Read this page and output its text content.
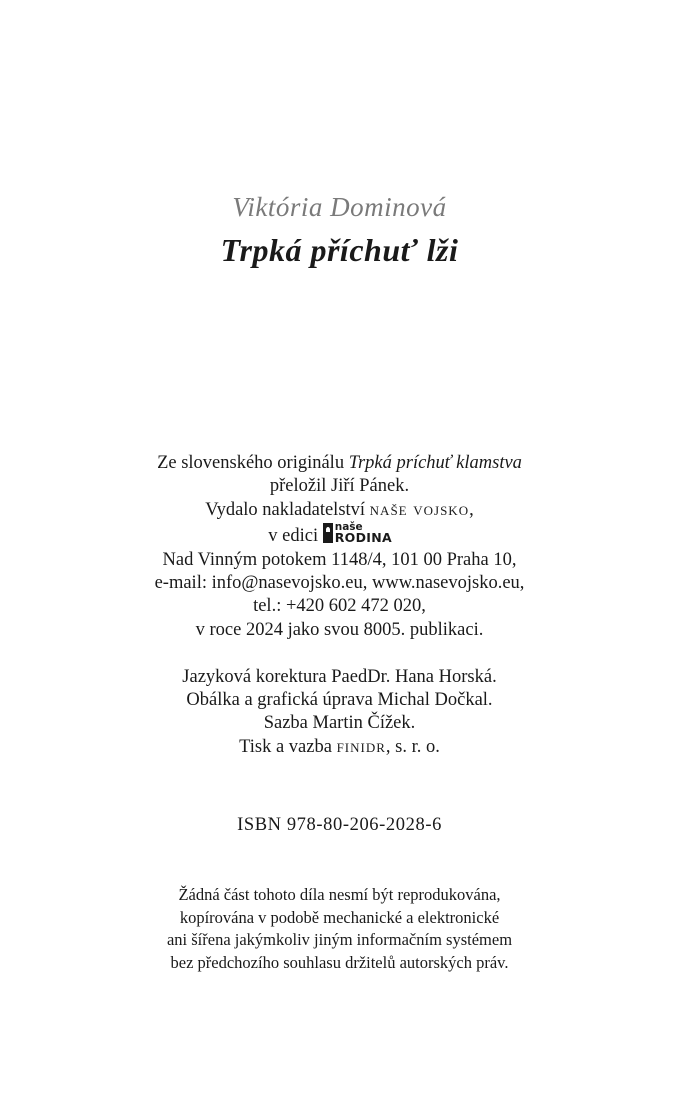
Viktória Dominová
Trpká příchuť lži
Ze slovenského originálu Trpká príchuť klamstva
přeložil Jiří Pánek.
Vydalo nakladatelství naše vojsko,
v edici naše
RODINA
Nad Vinným potokem 1148/4, 101 00 Praha 10,
e-mail: info@nasevojsko.eu, www.nasevojsko.eu,
tel.: +420 602 472 020,
v roce 2024 jako svou 8005. publikaci.
Jazyková korektura PaedDr. Hana Horská.
Obálka a grafická úprava Michal Dočkal.
Sazba Martin Čížek.
Tisk a vazba finidr, s. r. o.
ISBN 978-80-206-2028-6
Žádná část tohoto díla nesmí být reprodukována,
kopírována v podobě mechanické a elektronické
ani šířena jakýmkoliv jiným informačním systémem
bez předchozího souhlasu držitelů autorských práv.
